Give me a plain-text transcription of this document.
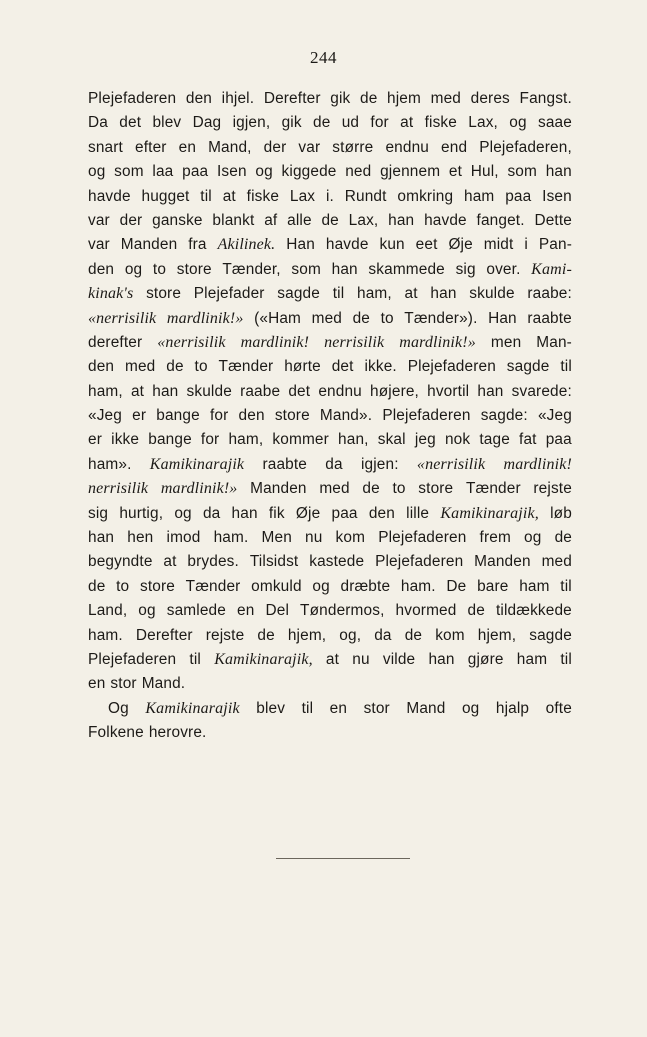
244
Plejefaderen den ihjel. Derefter gik de hjem med deres Fangst.
Da det blev Dag igjen, gik de ud for at fiske Lax, og saae
snart efter en Mand, der var større endnu end Plejefaderen,
og som laa paa Isen og kiggede ned gjennem et Hul, som han
havde hugget til at fiske Lax i. Rundt omkring ham paa Isen
var der ganske blankt af alle de Lax, han havde fanget. Dette
var Manden fra Akilinek. Han havde kun eet Øje midt i Pan-
den og to store Tænder, som han skammede sig over. Kami-
kinak's store Plejefader sagde til ham, at han skulde raabe:
«nerrisilik mardlinik!» («Ham med de to Tænder»). Han raabte
derefter «nerrisilik mardlinik! nerrisilik mardlinik!» men Man-
den med de to Tænder hørte det ikke. Plejefaderen sagde til
ham, at han skulde raabe det endnu højere, hvortil han svarede:
«Jeg er bange for den store Mand». Plejefaderen sagde: «Jeg
er ikke bange for ham, kommer han, skal jeg nok tage fat paa
ham». Kamikinarajik raabte da igjen: «nerrisilik mardlinik!
nerrisilik mardlinik!» Manden med de to store Tænder rejste
sig hurtig, og da han fik Øje paa den lille Kamikinarajik, løb
han hen imod ham. Men nu kom Plejefaderen frem og de
begyndte at brydes. Tilsidst kastede Plejefaderen Manden med
de to store Tænder omkuld og dræbte ham. De bare ham til
Land, og samlede en Del Tøndermos, hvormed de tildækkede
ham. Derefter rejste de hjem, og, da de kom hjem, sagde
Plejefaderen til Kamikinarajik, at nu vilde han gjøre ham til
en stor Mand.
Og Kamikinarajik blev til en stor Mand og hjalp ofte
Folkene herovre.
